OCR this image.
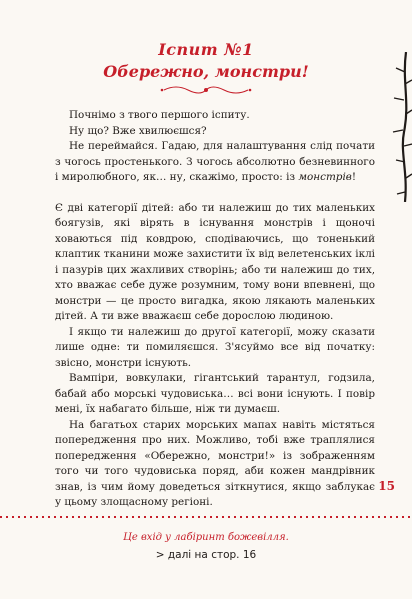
Іспит №1
Обережно, монстри!

Почнімо з твого першого іспиту.

Ну що? Вже хвилюєшся?

Не переймайся. Гадаю, для налаштування слід почати з чогось простенького. З чогось абсолютно безневинного і миролюбного, як… ну, скажімо, просто: із монстрів!

Є дві категорії дітей: або ти належиш до тих маленьких боягузів, які вірять в існування монстрів і щоночі ховаються під ковдрою, сподіваючись, що тоненький клаптик тканини може захистити їх від велетенських іклі і пазурів цих жахливих створінь; або ти належиш до тих, хто вважає себе дуже розумним, тому вони впевнені, що монстри — це просто вигадка, якою лякають маленьких дітей. А ти вже вважаєш себе дорослою людиною.

І якщо ти належиш до другої категорії, можу сказати лише одне: ти помиляєшся. З'ясуймо все від початку: звісно, монстри існують.

Вампіри, вовкулаки, гігантський тарантул, годзила, бабай або морські чудовиська… всі вони існують. І повір мені, їх набагато більше, ніж ти думаєш.

На багатьох старих морських мапах навіть містяться попередження про них. Можливо, тобі вже траплялися попередження «Обережно, монстри!» із зображенням того чи того чудовиська поряд, аби кожен мандрівник знав, із чим йому доведеться зіткнутися, якщо заблукає у цьому злощасному регіоні.

15
Це вхід у лабіринт божевілля.
> далі на стор. 16
